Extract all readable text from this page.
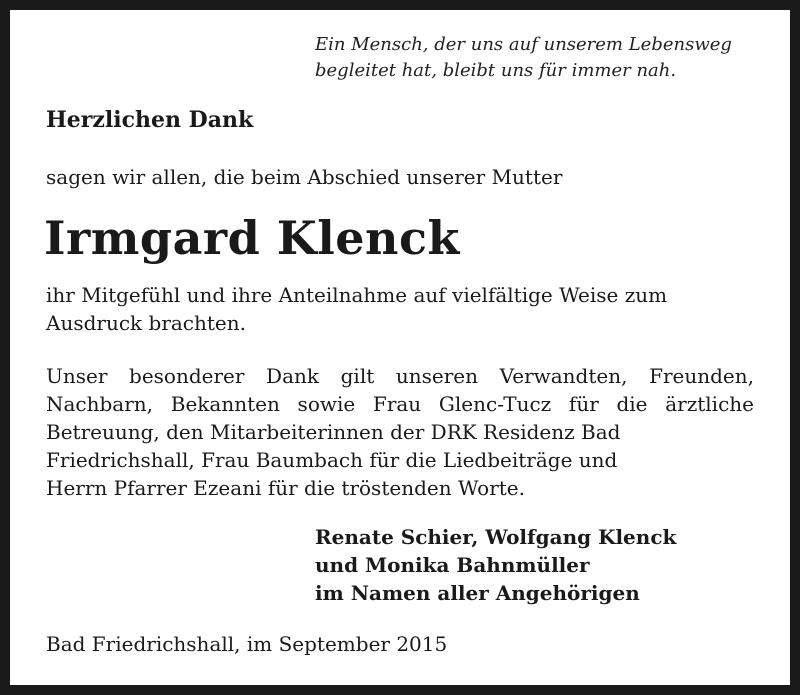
Ein Mensch, der uns auf unserem Lebensweg
begleitet hat, bleibt uns für immer nah.
Herzlichen Dank
sagen wir allen, die beim Abschied unserer Mutter
Irmgard Klenck
ihr Mitgefühl und ihre Anteilnahme auf vielfältige Weise zum
Ausdruck brachten.
Unser besonderer Dank gilt unseren Verwandten, Freunden,
Nachbarn, Bekannten sowie Frau Glenc-Tucz für die ärztliche
Betreuung, den Mitarbeiterinnen der DRK Residenz Bad
Friedrichshall, Frau Baumbach für die Liedbeiträge und
Herrn Pfarrer Ezeani für die tröstenden Worte.
Renate Schier, Wolfgang Klenck
und Monika Bahnmüller
im Namen aller Angehörigen
Bad Friedrichshall, im September 2015
